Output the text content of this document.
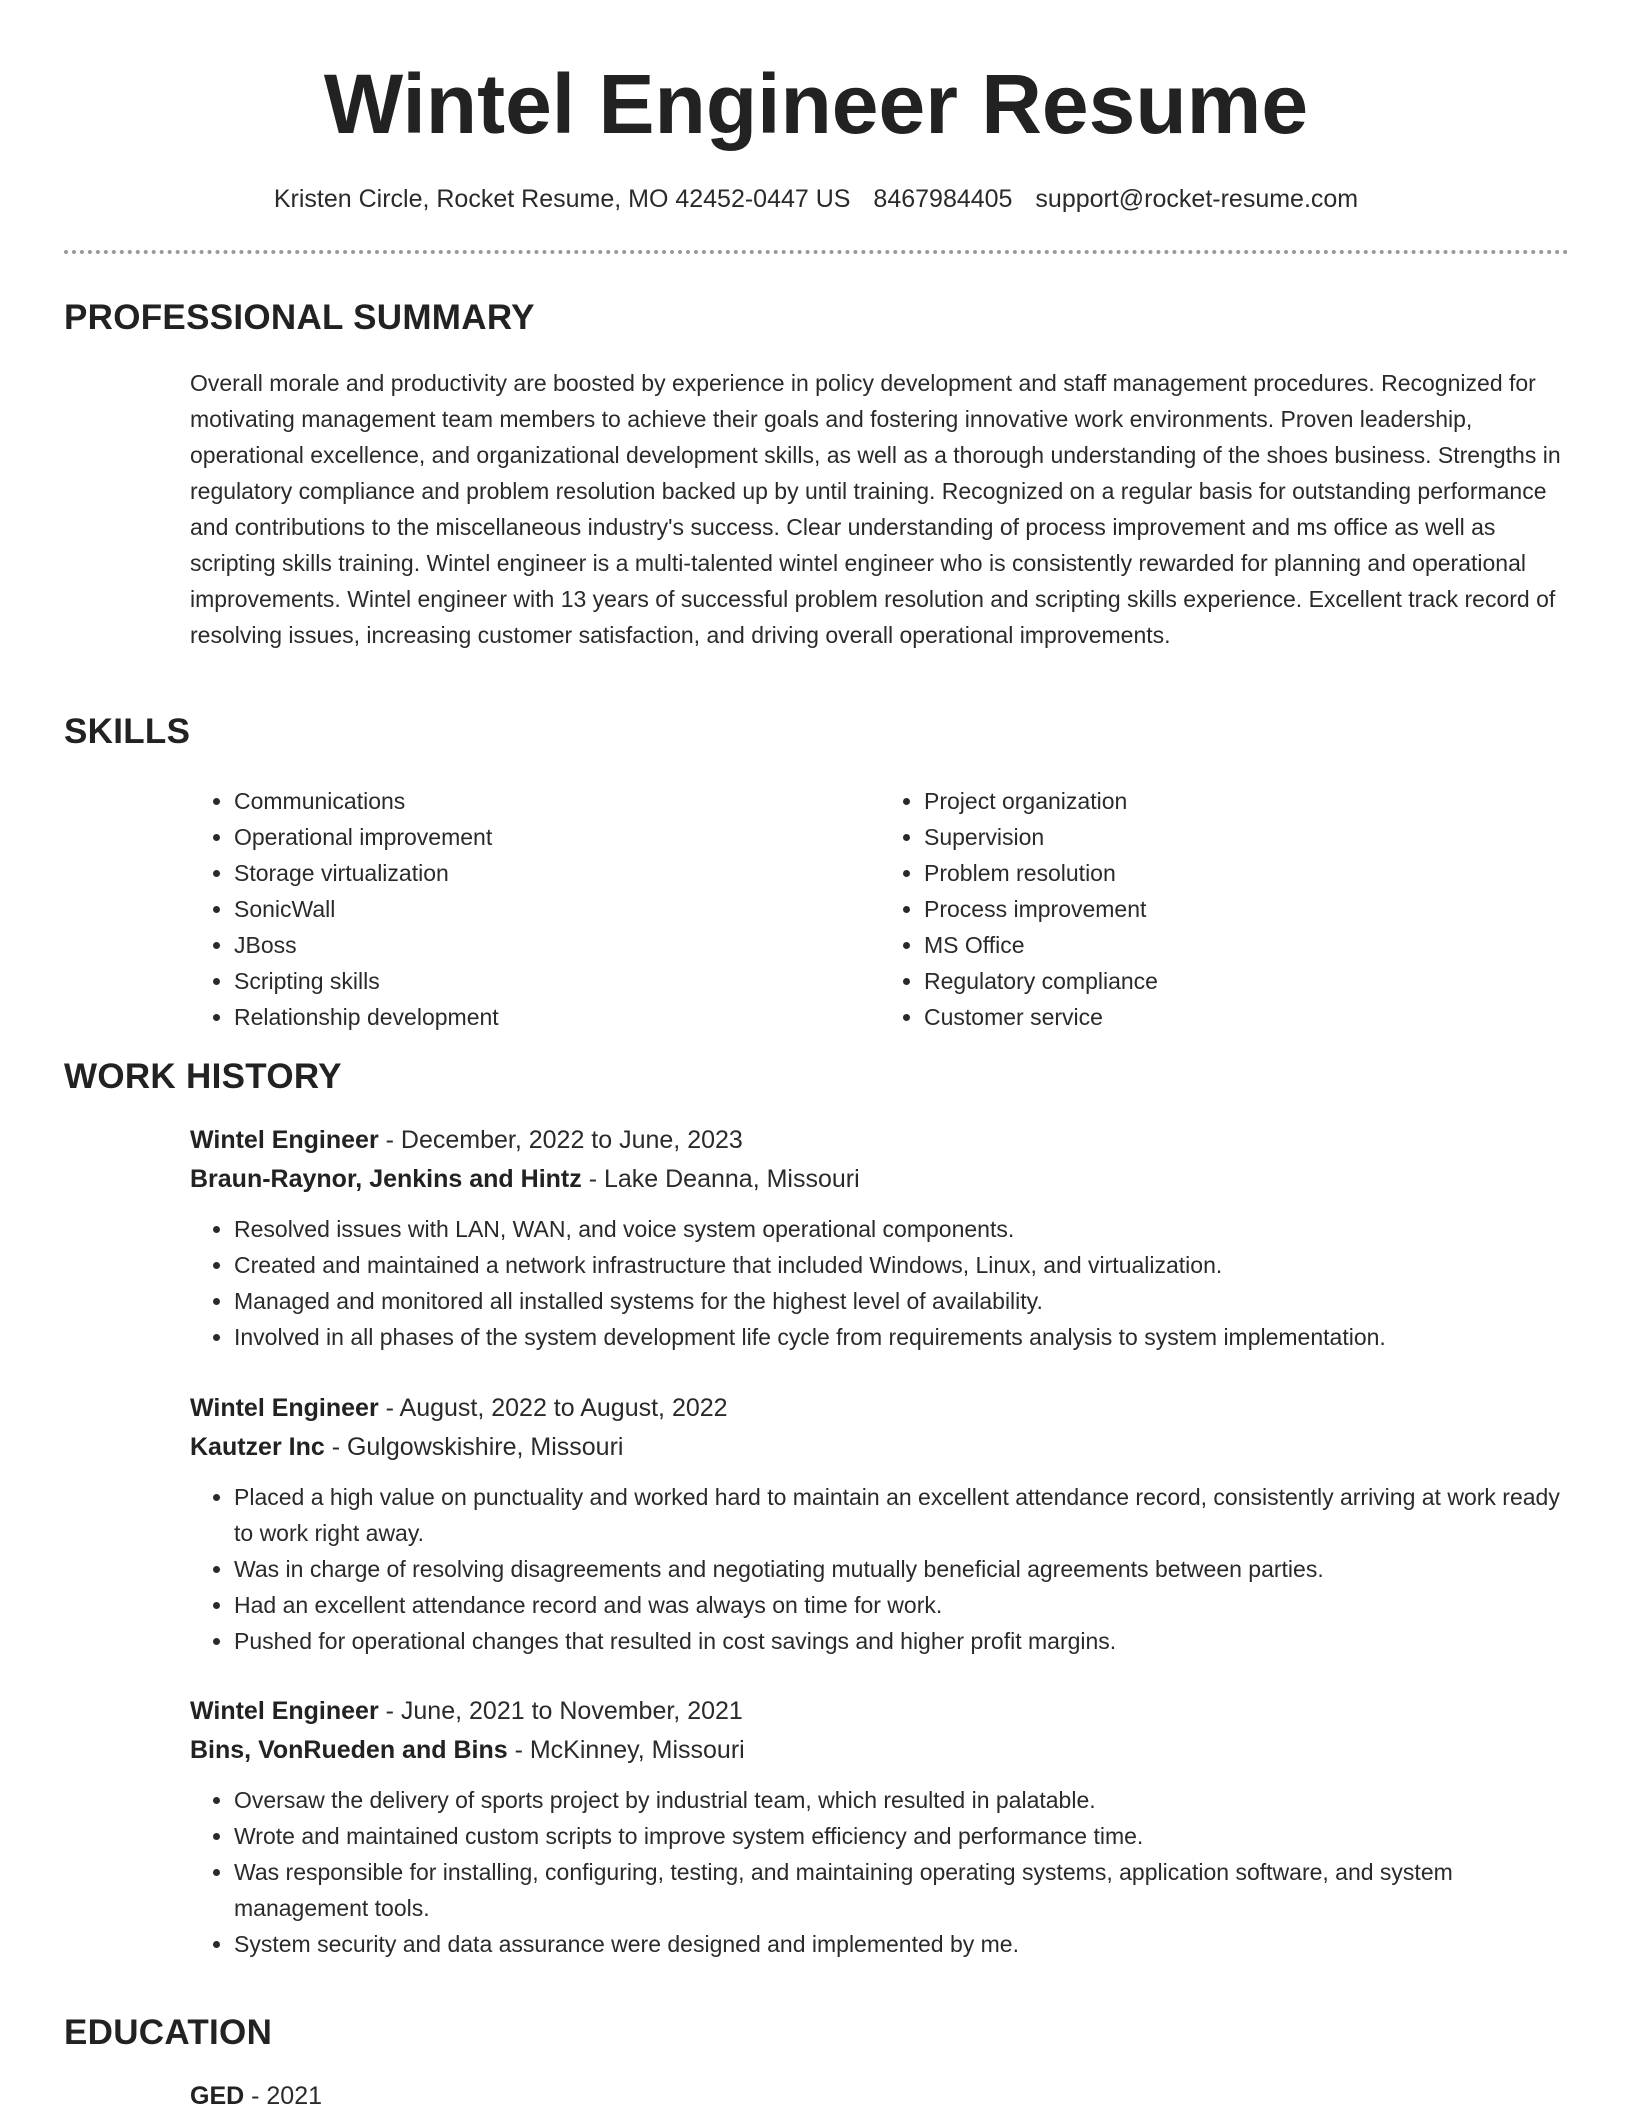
Wintel Engineer Resume
Kristen Circle, Rocket Resume, MO 42452-0447 US 8467984405 support@rocket-resume.com
PROFESSIONAL SUMMARY

Overall morale and productivity are boosted by experience in policy development and staff management procedures. Recognized for motivating management team members to achieve their goals and fostering innovative work environments. Proven leadership, operational excellence, and organizational development skills, as well as a thorough understanding of the shoes business. Strengths in regulatory compliance and problem resolution backed up by until training. Recognized on a regular basis for outstanding performance and contributions to the miscellaneous industry's success. Clear understanding of process improvement and ms office as well as scripting skills training. Wintel engineer is a multi-talented wintel engineer who is consistently rewarded for planning and operational improvements. Wintel engineer with 13 years of successful problem resolution and scripting skills experience. Excellent track record of resolving issues, increasing customer satisfaction, and driving overall operational improvements.

SKILLS
• Communications
• Operational improvement
• Storage virtualization
• SonicWall
• JBoss
• Scripting skills
• Relationship development
• Project organization
• Supervision
• Problem resolution
• Process improvement
• MS Office
• Regulatory compliance
• Customer service
WORK HISTORY
Wintel Engineer - December, 2022 to June, 2023
Braun-Raynor, Jenkins and Hintz - Lake Deanna, Missouri
• Resolved issues with LAN, WAN, and voice system operational components.
• Created and maintained a network infrastructure that included Windows, Linux, and virtualization.
• Managed and monitored all installed systems for the highest level of availability.
• Involved in all phases of the system development life cycle from requirements analysis to system implementation.
Wintel Engineer - August, 2022 to August, 2022
Kautzer Inc - Gulgowskishire, Missouri
• Placed a high value on punctuality and worked hard to maintain an excellent attendance record, consistently arriving at work ready to work right away.
• Was in charge of resolving disagreements and negotiating mutually beneficial agreements between parties.
• Had an excellent attendance record and was always on time for work.
• Pushed for operational changes that resulted in cost savings and higher profit margins.
Wintel Engineer - June, 2021 to November, 2021
Bins, VonRueden and Bins - McKinney, Missouri
• Oversaw the delivery of sports project by industrial team, which resulted in palatable.
• Wrote and maintained custom scripts to improve system efficiency and performance time.
• Was responsible for installing, configuring, testing, and maintaining operating systems, application software, and system management tools.
• System security and data assurance were designed and implemented by me.
EDUCATION
GED - 2021
